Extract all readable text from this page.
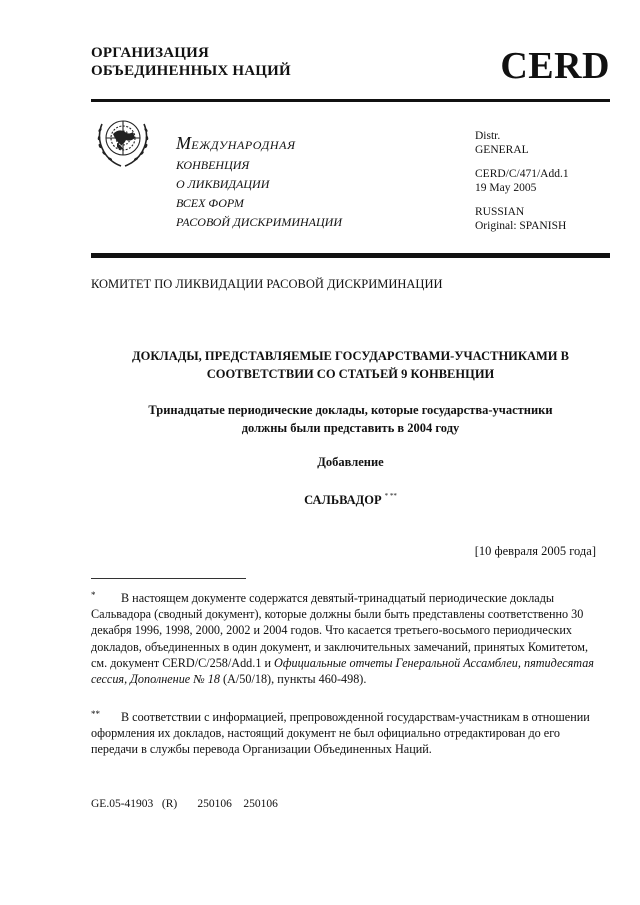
ОРГАНИЗАЦИЯ
ОБЪЕДИНЕННЫХ НАЦИЙ	CERD
МЕЖДУНАРОДНАЯ
КОНВЕНЦИЯ
О ЛИКВИДАЦИИ
ВСЕХ ФОРМ
РАСОВОЙ ДИСКРИМИНАЦИИ
Distr.
GENERAL
CERD/C/471/Add.1
19 May 2005
RUSSIAN
Original: SPANISH
КОМИТЕТ ПО ЛИКВИДАЦИИ РАСОВОЙ ДИСКРИМИНАЦИИ
ДОКЛАДЫ, ПРЕДСТАВЛЯЕМЫЕ ГОСУДАРСТВАМИ-УЧАСТНИКАМИ В
СООТВЕТСТВИИ СО СТАТЬЕЙ 9 КОНВЕНЦИИ
Тринадцатые периодические доклады, которые государства-участники
должны были представить в 2004 году
Добавление
САЛЬВАДОР * **
[10 февраля 2005 года]
* В настоящем документе содержатся девятый-тринадцатый периодические доклады Сальвадора (сводный документ), которые должны были быть представлены соответственно 30 декабря 1996, 1998, 2000, 2002 и 2004 годов. Что касается третьего-восьмого периодических докладов, объединенных в один документ, и заключительных замечаний, принятых Комитетом, см. документ CERD/C/258/Add.1 и Официальные отчеты Генеральной Ассамблеи, пятидесятая сессия, Дополнение № 18 (A/50/18), пункты 460-498).
** В соответствии с информацией, препровожденной государствам-участникам в отношении оформления их докладов, настоящий документ не был официально отредактирован до его передачи в службы перевода Организации Объединенных Наций.
GE.05-41903   (R)       250106    250106
